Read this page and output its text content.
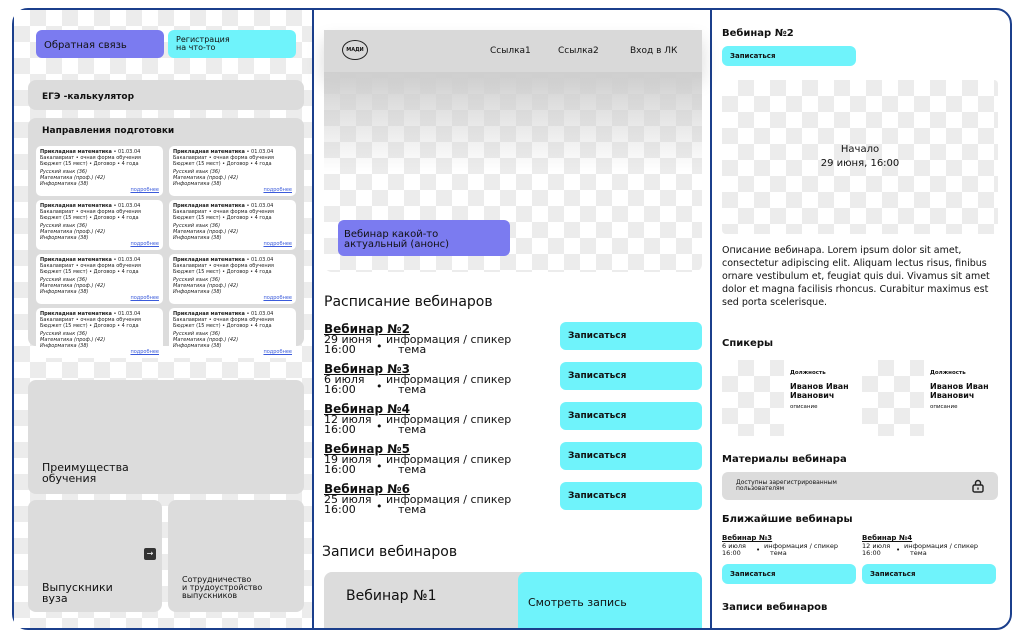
Обратная связь
Регистрация
на что-то
ЕГЭ -калькулятор
Направления подготовки
Прикладная математика • 01.03.04
Бакалавриат • очная форма обучения
Бюджет (15 мест) • Договор • 4 года
Русский язык (36)
Математика (проф.) (42)
Информатика (38)
подробнее
Прикладная математика • 01.03.04
Бакалавриат • очная форма обучения
Бюджет (15 мест) • Договор • 4 года
Русский язык (36)
Математика (проф.) (42)
Информатика (38)
подробнее
Прикладная математика • 01.03.04
Бакалавриат • очная форма обучения
Бюджет (15 мест) • Договор • 4 года
Русский язык (36)
Математика (проф.) (42)
Информатика (38)
подробнее
Прикладная математика • 01.03.04
Бакалавриат • очная форма обучения
Бюджет (15 мест) • Договор • 4 года
Русский язык (36)
Математика (проф.) (42)
Информатика (38)
подробнее
Прикладная математика • 01.03.04
Бакалавриат • очная форма обучения
Бюджет (15 мест) • Договор • 4 года
Русский язык (36)
Математика (проф.) (42)
Информатика (38)
подробнее
Прикладная математика • 01.03.04
Бакалавриат • очная форма обучения
Бюджет (15 мест) • Договор • 4 года
Русский язык (36)
Математика (проф.) (42)
Информатика (38)
подробнее
Прикладная математика • 01.03.04
Бакалавриат • очная форма обучения
Бюджет (15 мест) • Договор • 4 года
Русский язык (36)
Математика (проф.) (42)
Информатика (38)
подробнее
Прикладная математика • 01.03.04
Бакалавриат • очная форма обучения
Бюджет (15 мест) • Договор • 4 года
Русский язык (36)
Математика (проф.) (42)
Информатика (38)
подробнее
Преимущества
обучения
→
Выпускники
вуза
Сотрудничество
и трудоустройство
выпускников
МАДИ	Ссылка1	Ссылка2	Вход в ЛК
Вебинар какой-то
актуальный (анонс)
Расписание вебинаров
Вебинар №2
29 июня
16:00	•
информация / спикер
тема
Записаться
Вебинар №3
6 июля
16:00	•
информация / спикер
тема
Записаться
Вебинар №4
12 июля
16:00	•
информация / спикер
тема
Записаться
Вебинар №5
19 июля
16:00	•
информация / спикер
тема
Записаться
Вебинар №6
25 июля
16:00	•
информация / спикер
тема
Записаться
Записи вебинаров
Вебинар №1	Смотреть запись
Вебинар №2
Записаться
Начало
29 июня, 16:00
Описание вебинара. Lorem ipsum dolor sit amet, consectetur adipiscing elit. Aliquam lectus risus, finibus ornare vestibulum et, feugiat quis dui. Vivamus sit amet dolor et magna facilisis rhoncus. Curabitur maximus est sed porta scelerisque.
Спикеры
Должность
Иванов Иван
Иванович
описание
Должность
Иванов Иван
Иванович
описание
Материалы вебинара
Доступны зарегистрированным
пользователям
Ближайшие вебинары
Вебинар №3
6 июля
16:00	• информация / спикер
тема
Записаться
Вебинар №4
12 июля
16:00	• информация / спикер
тема
Записаться
Записи вебинаров
